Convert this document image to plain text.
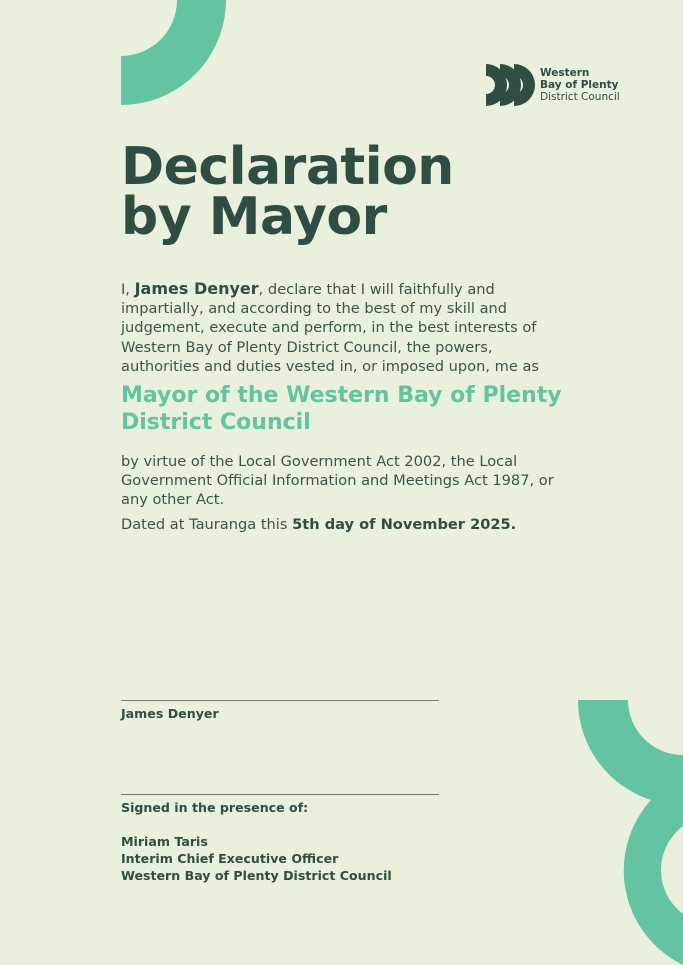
Western
Bay of Plenty
District Council
Declaration
by Mayor

I, James Denyer, declare that I will faithfully and impartially, and according to the best of my skill and judgement, execute and perform, in the best interests of Western Bay of Plenty District Council, the powers, authorities and duties vested in, or imposed upon, me as

Mayor of the Western Bay of Plenty
District Council

by virtue of the Local Government Act 2002, the Local Government Official Information and Meetings Act 1987, or any other Act.

Dated at Tauranga this 5th day of November 2025.
James Denyer
Signed in the presence of:
Miriam Taris
Interim Chief Executive Officer
Western Bay of Plenty District Council
